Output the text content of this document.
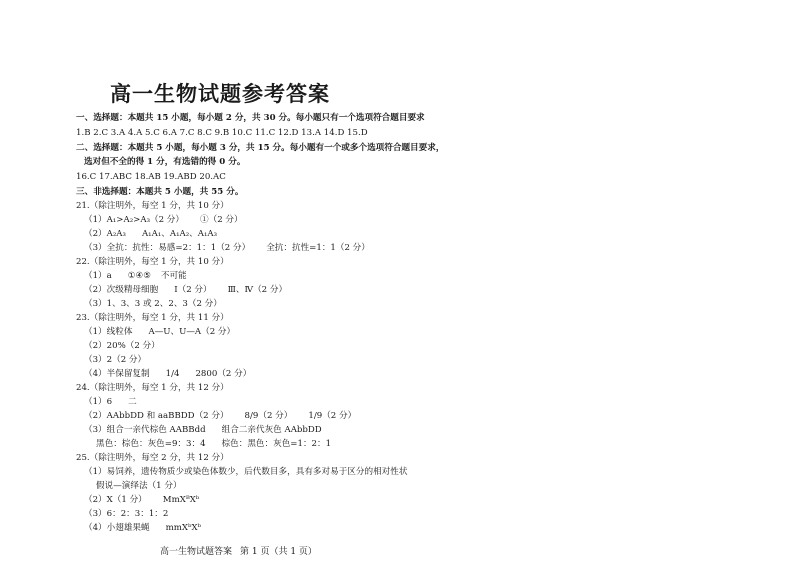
高一生物试题参考答案
一、选择题：本题共 15 小题，每小题 2 分，共 30 分。每小题只有一个选项符合题目要求
1.B 2.C 3.A 4.A 5.C 6.A 7.C 8.C 9.B 10.C 11.C 12.D 13.A 14.D 15.D
二、选择题：本题共 5 小题，每小题 3 分，共 15 分。每小题有一个或多个选项符合题目要求，
选对但不全的得 1 分，有选错的得 0 分。
16.C 17.ABC 18.AB 19.ABD 20.AC
三、非选择题：本题共 5 小题，共 55 分。
21.（除注明外，每空 1 分，共 10 分）
（1）A₁>A₂>A₃（2 分） ①（2 分）
（2）A₂A₃ A₁A₁、A₁A₂、A₁A₃
（3）全抗：抗性：易感=2：1：1（2 分） 全抗：抗性=1：1（2 分）
22.（除注明外，每空 1 分，共 10 分）
（1）a ①④⑤ 不可能
（2）次级精母细胞 Ⅰ（2 分） Ⅲ、Ⅳ（2 分）
（3）1、3、3 或 2、2、3（2 分）
23.（除注明外，每空 1 分，共 11 分）
（1）线粒体 A—U、U—A（2 分）
（2）20%（2 分）
（3）2（2 分）
（4）半保留复制 1/4 2800（2 分）
24.（除注明外，每空 1 分，共 12 分）
（1）6 二
（2）AAbbDD 和 aaBBDD（2 分） 8/9（2 分） 1/9（2 分）
（3）组合一亲代棕色 AABBdd 组合二亲代灰色 AAbbDD
黑色：棕色：灰色=9：3：4 棕色：黑色：灰色=1：2：1
25.（除注明外，每空 2 分，共 12 分）
（1）易饲养，遗传物质少或染色体数少，后代数目多，具有多对易于区分的相对性状
假说—演绎法（1 分）
（2）X（1 分） MmXᴮXᵇ
（3）6：2：3：1：2
（4）小翅雄果蝇 mmXᵇXᵇ
高一生物试题答案 第 1 页（共 1 页）
